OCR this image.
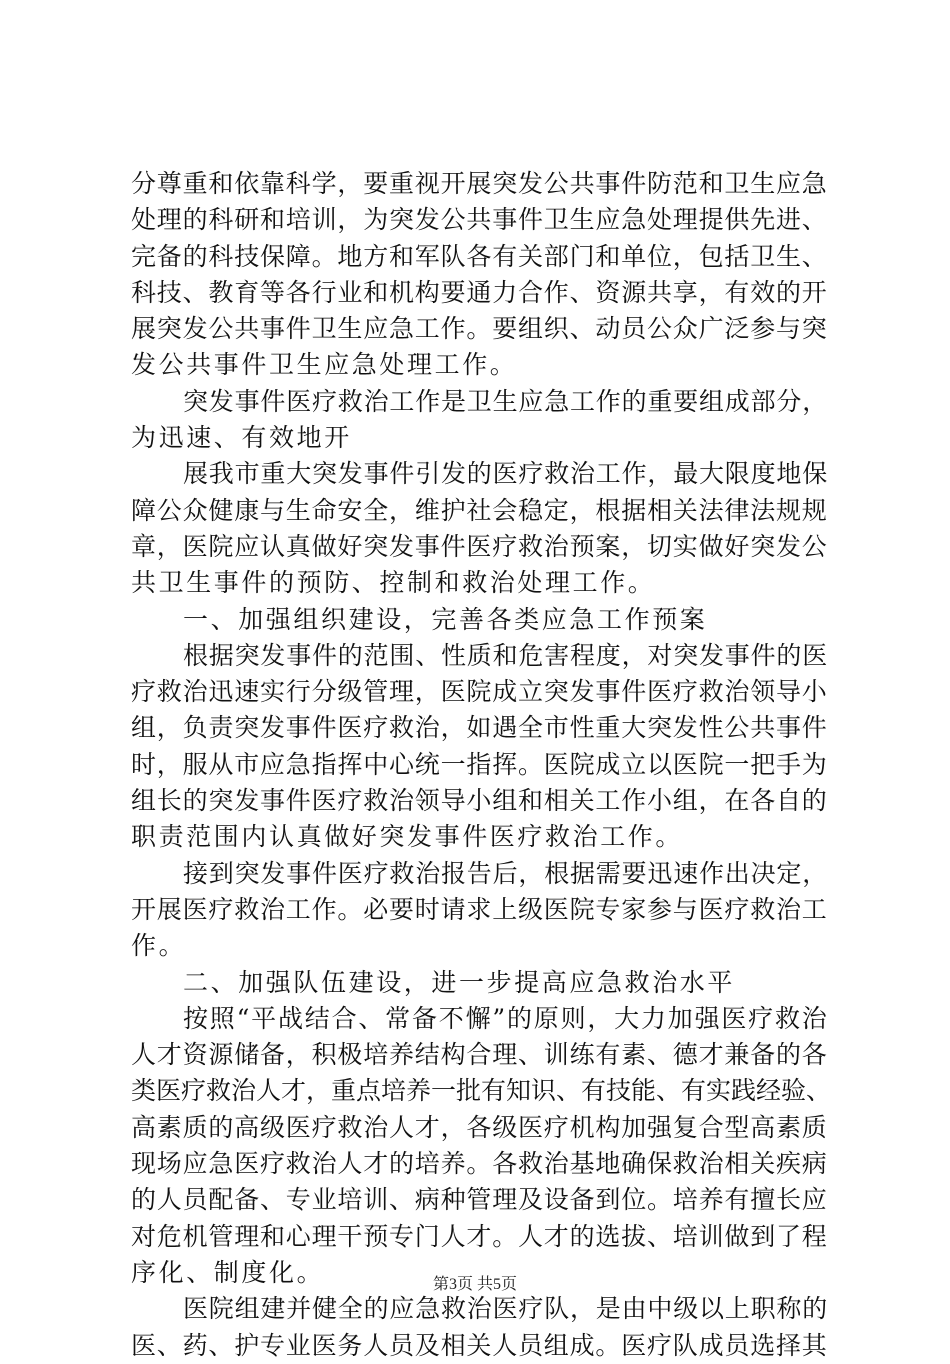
分尊重和依靠科学，要重视开展突发公共事件防范和卫生应急
处理的科研和培训，为突发公共事件卫生应急处理提供先进、
完备的科技保障。地方和军队各有关部门和单位，包括卫生、
科技、教育等各行业和机构要通力合作、资源共享，有效的开
展突发公共事件卫生应急工作。要组织、动员公众广泛参与突
发公共事件卫生应急处理工作。
突发事件医疗救治工作是卫生应急工作的重要组成部分，
为迅速、有效地开
展我市重大突发事件引发的医疗救治工作，最大限度地保
障公众健康与生命安全，维护社会稳定，根据相关法律法规规
章，医院应认真做好突发事件医疗救治预案，切实做好突发公
共卫生事件的预防、控制和救治处理工作。
一、加强组织建设，完善各类应急工作预案
根据突发事件的范围、性质和危害程度，对突发事件的医
疗救治迅速实行分级管理，医院成立突发事件医疗救治领导小
组，负责突发事件医疗救治，如遇全市性重大突发性公共事件
时，服从市应急指挥中心统一指挥。医院成立以医院一把手为
组长的突发事件医疗救治领导小组和相关工作小组，在各自的
职责范围内认真做好突发事件医疗救治工作。
接到突发事件医疗救治报告后，根据需要迅速作出决定，
开展医疗救治工作。必要时请求上级医院专家参与医疗救治工
作。
二、加强队伍建设，进一步提高应急救治水平
按照“平战结合、常备不懈”的原则，大力加强医疗救治
人才资源储备，积极培养结构合理、训练有素、德才兼备的各
类医疗救治人才，重点培养一批有知识、有技能、有实践经验、
高素质的高级医疗救治人才，各级医疗机构加强复合型高素质
现场应急医疗救治人才的培养。各救治基地确保救治相关疾病
的人员配备、专业培训、病种管理及设备到位。培养有擅长应
对危机管理和心理干预专门人才。人才的选拔、培训做到了程
序化、制度化。
医院组建并健全的应急救治医疗队，是由中级以上职称的
医、药、护专业医务人员及相关人员组成。医疗队成员选择其
第3页 共5页
